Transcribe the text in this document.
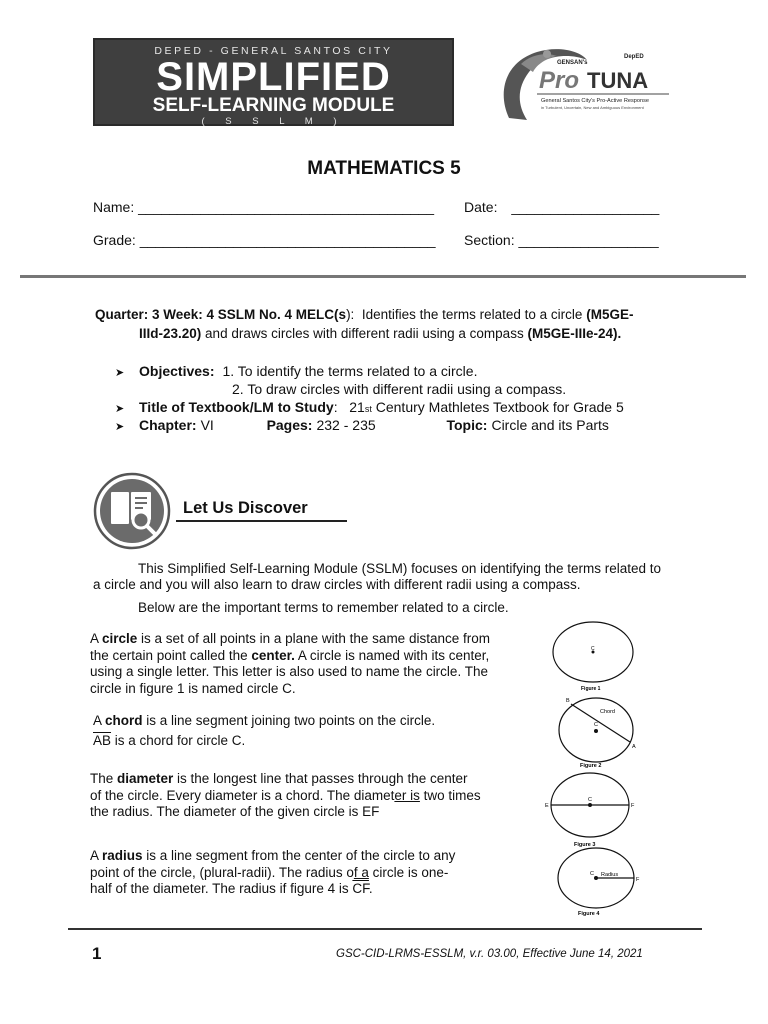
DEPED - GENERAL SANTOS CITY
SIMPLIFIED
SELF-LEARNING MODULE
( S S L M )
GENSAN's
DepED
Pro TUNA
General Santos City's Pro-Active Response
in Turbulent, Uncertain, New and Ambiguous Environment
MATHEMATICS 5
Name: ______________________________________ Date: ___________________
Grade: ______________________________________ Section: __________________
Quarter: 3 Week: 4 SSLM No. 4 MELC(s): Identifies the terms related to a circle (M5GE-
IIId-23.20) and draws circles with different radii using a compass (M5GE-IIIe-24).
➤	Objectives: 1. To identify the terms related to a circle.
2. To draw circles with different radii using a compass.
➤	Title of Textbook/LM to Study :   21 st Century Mathletes Textbook for Grade 5
➤	Chapter: VI	Pages: 232 - 235	Topic: Circle and its Parts
Let Us Discover
This Simplified Self-Learning Module (SSLM) focuses on identifying the terms related to
a circle and you will also learn to draw circles with different radii using a compass.
Below are the important terms to remember related to a circle.
A circle is a set of all points in a plane with the same distance from
the certain point called the center. A circle is named with its center,
using a single letter. This letter is also used to name the circle. The
circle in figure 1 is named circle C.
A chord is a line segment joining two points on the circle.
$\overline{AB}$ is a chord for circle C.
The diameter is the longest line that passes through the center
of the circle. Every diameter is a chord. The diameter is two times
the radius. The diameter of the given circle is EF
A radius is a line segment from the center of the circle to any
point of the circle, (plural-radii). The radius of a circle is one-
half of the diameter. The radius if figure 4 is $\overline{CF}$.
C
Figure 1
B
C
A
Chord
Figure 2
E
C
F
Figure 3
C Radius
F
Figure 4
1	GSC-CID-LRMS-ESSLM, v.r. 03.00, Effective June 14, 2021
